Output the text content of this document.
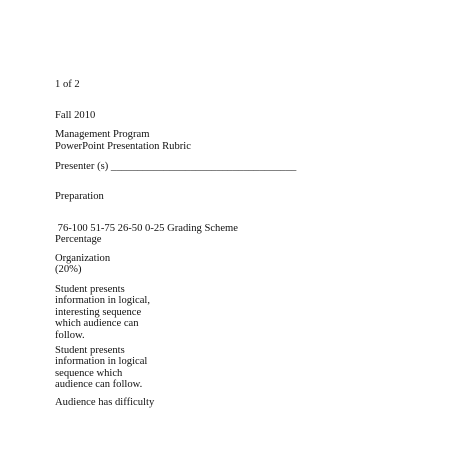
1 of 2

Fall 2010

Management Program

PowerPoint Presentation Rubric

Presenter (s) ___________________________________

Preparation

76-100 51-75 26-50 0-25 Grading Scheme

Percentage

Organization

(20%)

Student presents
information in logical,
interesting sequence
which audience can
follow.
Student presents
information in logical
sequence which
audience can follow.
Audience has difficulty
